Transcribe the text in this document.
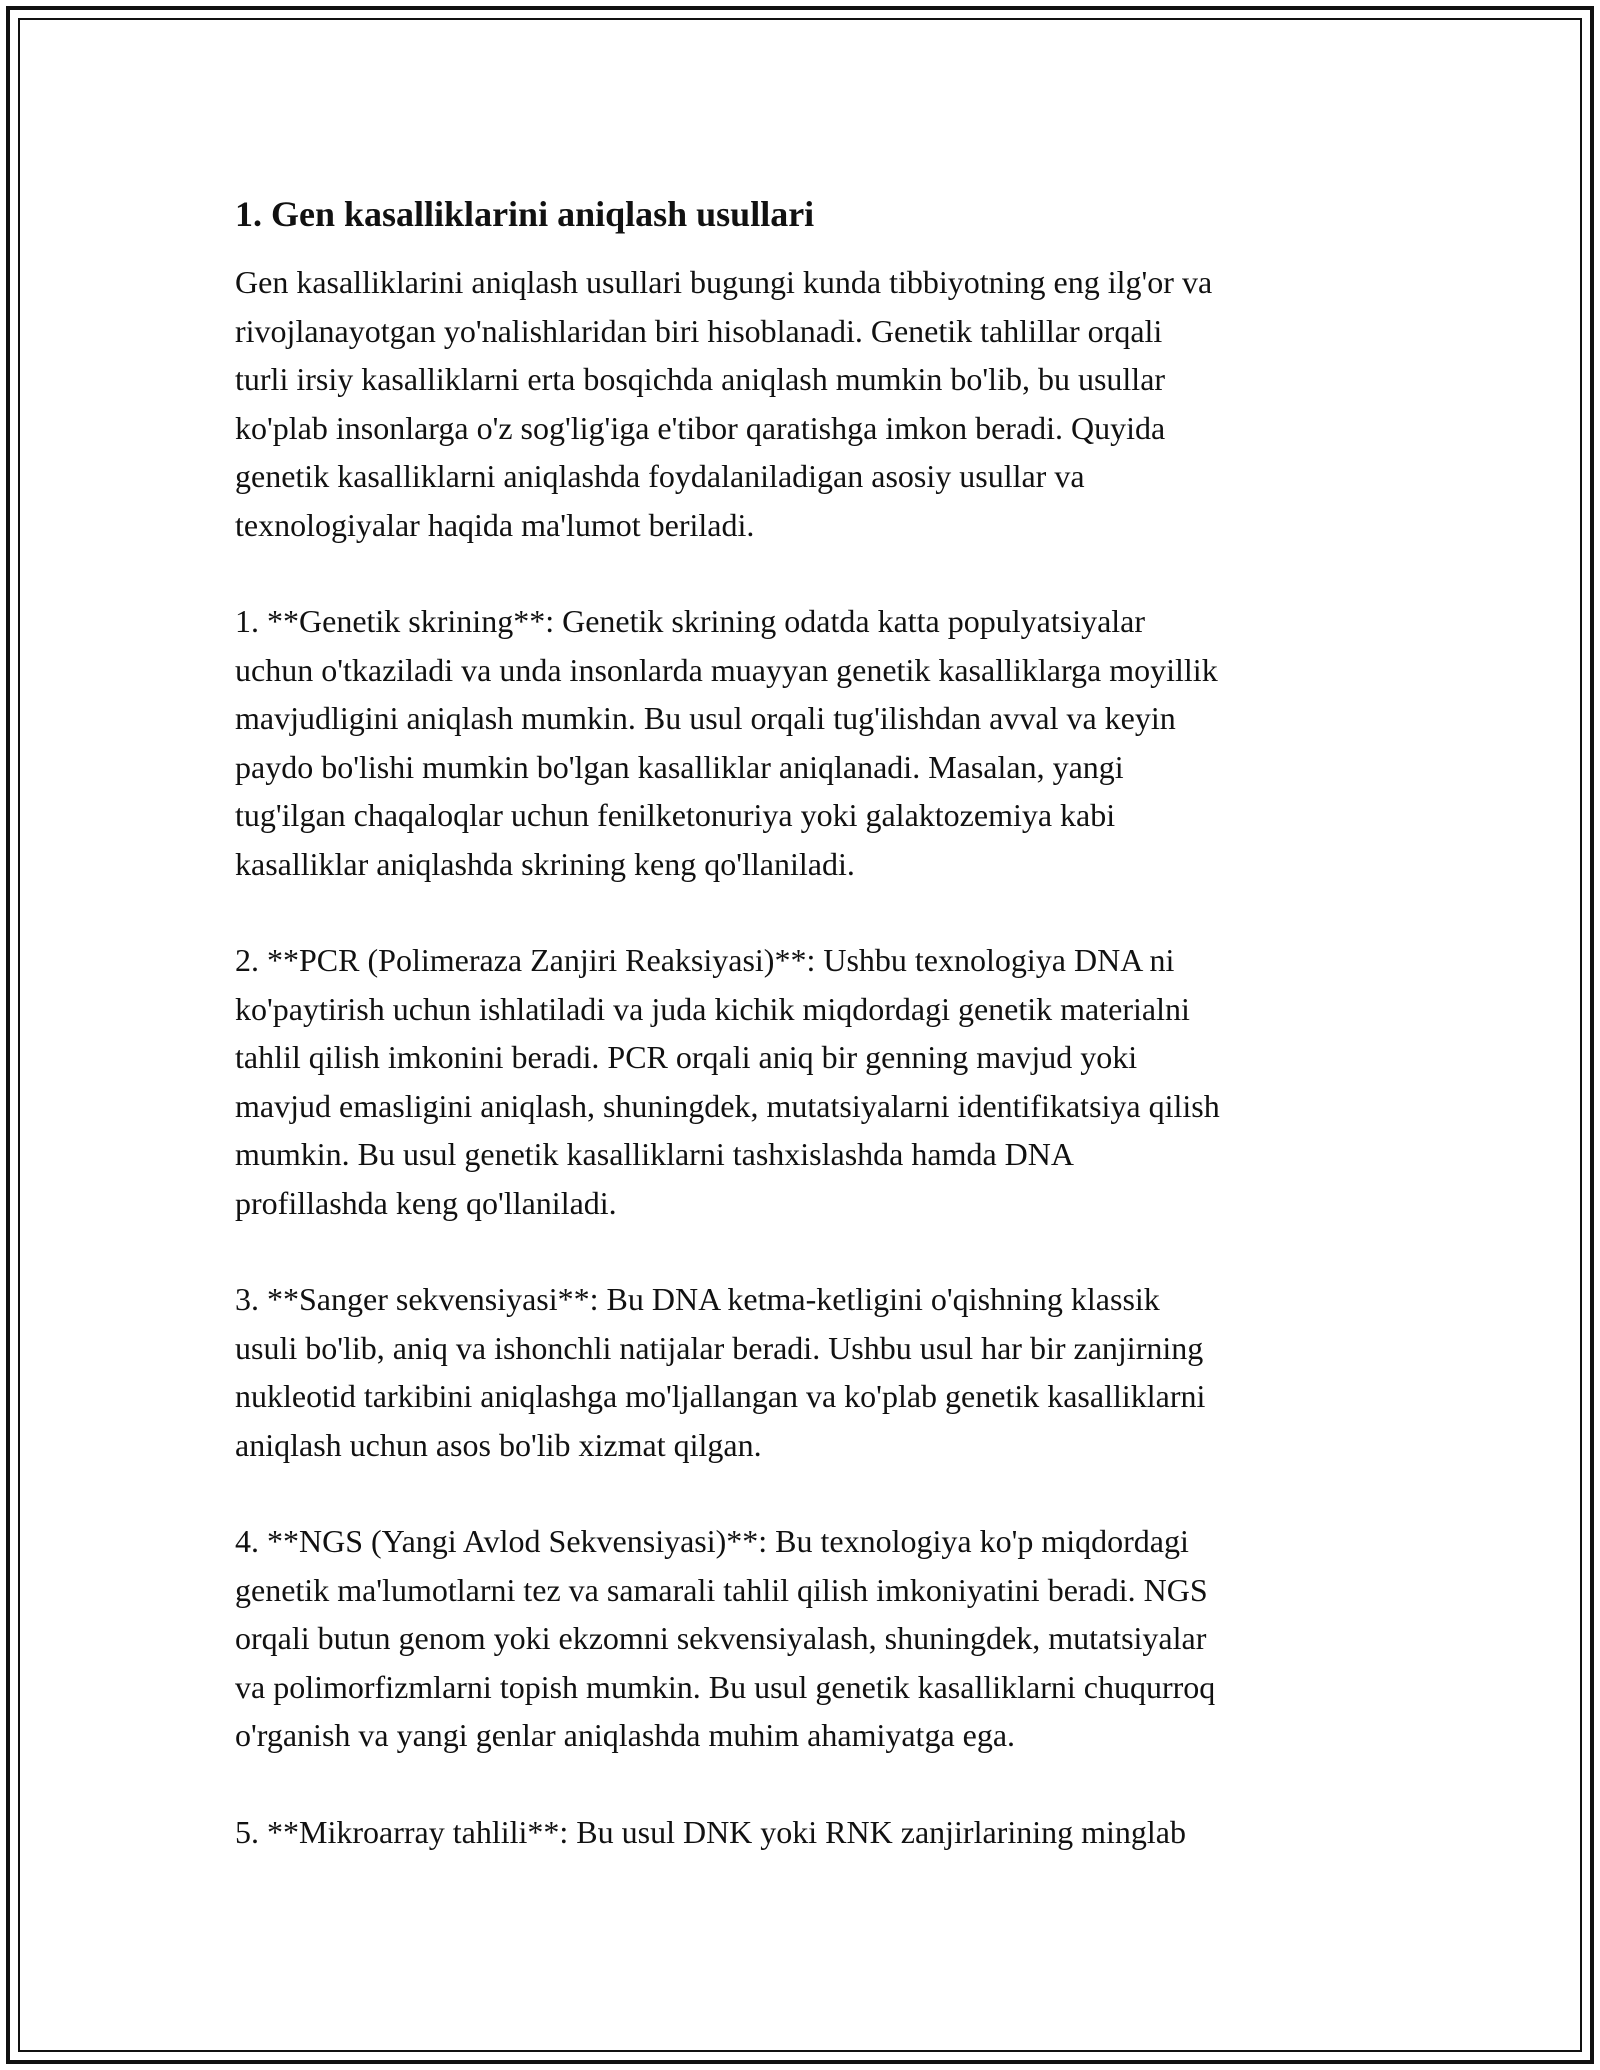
1. Gen kasalliklarini aniqlash usullari

Gen kasalliklarini aniqlash usullari bugungi kunda tibbiyotning eng ilg'or va
rivojlanayotgan yo'nalishlaridan biri hisoblanadi. Genetik tahlillar orqali
turli irsiy kasalliklarni erta bosqichda aniqlash mumkin bo'lib, bu usullar
ko'plab insonlarga o'z sog'lig'iga e'tibor qaratishga imkon beradi. Quyida
genetik kasalliklarni aniqlashda foydalaniladigan asosiy usullar va
texnologiyalar haqida ma'lumot beriladi.

1. **Genetik skrining**: Genetik skrining odatda katta populyatsiyalar
uchun o'tkaziladi va unda insonlarda muayyan genetik kasalliklarga moyillik
mavjudligini aniqlash mumkin. Bu usul orqali tug'ilishdan avval va keyin
paydo bo'lishi mumkin bo'lgan kasalliklar aniqlanadi. Masalan, yangi
tug'ilgan chaqaloqlar uchun fenilketonuriya yoki galaktozemiya kabi
kasalliklar aniqlashda skrining keng qo'llaniladi.

2. **PCR (Polimeraza Zanjiri Reaksiyasi)**: Ushbu texnologiya DNA ni
ko'paytirish uchun ishlatiladi va juda kichik miqdordagi genetik materialni
tahlil qilish imkonini beradi. PCR orqali aniq bir genning mavjud yoki
mavjud emasligini aniqlash, shuningdek, mutatsiyalarni identifikatsiya qilish
mumkin. Bu usul genetik kasalliklarni tashxislashda hamda DNA
profillashda keng qo'llaniladi.

3. **Sanger sekvensiyasi**: Bu DNA ketma-ketligini o'qishning klassik
usuli bo'lib, aniq va ishonchli natijalar beradi. Ushbu usul har bir zanjirning
nukleotid tarkibini aniqlashga mo'ljallangan va ko'plab genetik kasalliklarni
aniqlash uchun asos bo'lib xizmat qilgan.

4. **NGS (Yangi Avlod Sekvensiyasi)**: Bu texnologiya ko'p miqdordagi
genetik ma'lumotlarni tez va samarali tahlil qilish imkoniyatini beradi. NGS
orqali butun genom yoki ekzomni sekvensiyalash, shuningdek, mutatsiyalar
va polimorfizmlarni topish mumkin. Bu usul genetik kasalliklarni chuqurroq
o'rganish va yangi genlar aniqlashda muhim ahamiyatga ega.

5. **Mikroarray tahlili**: Bu usul DNK yoki RNK zanjirlarining minglab
